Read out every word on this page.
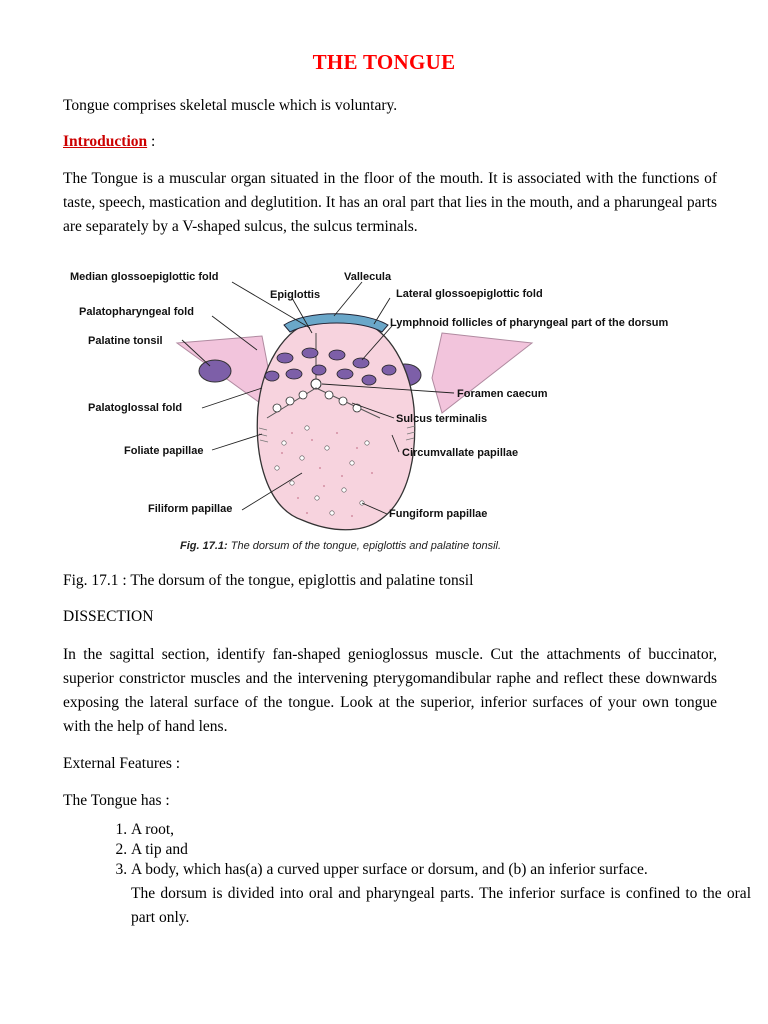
THE TONGUE
Tongue comprises skeletal muscle which is voluntary.
Introduction :
The Tongue is a muscular organ situated in the floor of the mouth. It is associated with the functions of taste, speech, mastication and deglutition. It has an oral part that lies in the mouth, and a pharungeal parts are separately by a V-shaped sulcus, the sulcus terminals.
Median glossoepiglottic fold	Vallecula
Epiglottis	Lateral glossoepiglottic fold
Palatopharyngeal fold
Lymphnoid follicles of pharyngeal part of the dorsum
Palatine tonsil
Foramen caecum
Palatoglossal fold
Sulcus terminalis
Foliate papillae	Circumvallate papillae
Filiform papillae	Fungiform papillae
Fig. 17.1: The dorsum of the tongue, epiglottis and palatine tonsil.
Fig. 17.1 : The dorsum of the tongue, epiglottis and palatine tonsil
DISSECTION
In the sagittal section, identify fan-shaped genioglossus muscle. Cut the attachments of buccinator, superior constrictor muscles and the intervening pterygomandibular raphe and reflect these downwards exposing the lateral surface of the tongue. Look at the superior, inferior surfaces of your own tongue with the help of hand lens.
External Features :
The Tongue has :
1. A root,
2. A tip and
3. A body, which has(a) a curved upper surface or dorsum, and (b) an inferior surface.
The dorsum is divided into oral and pharyngeal parts. The inferior surface is confined to the oral part only.
